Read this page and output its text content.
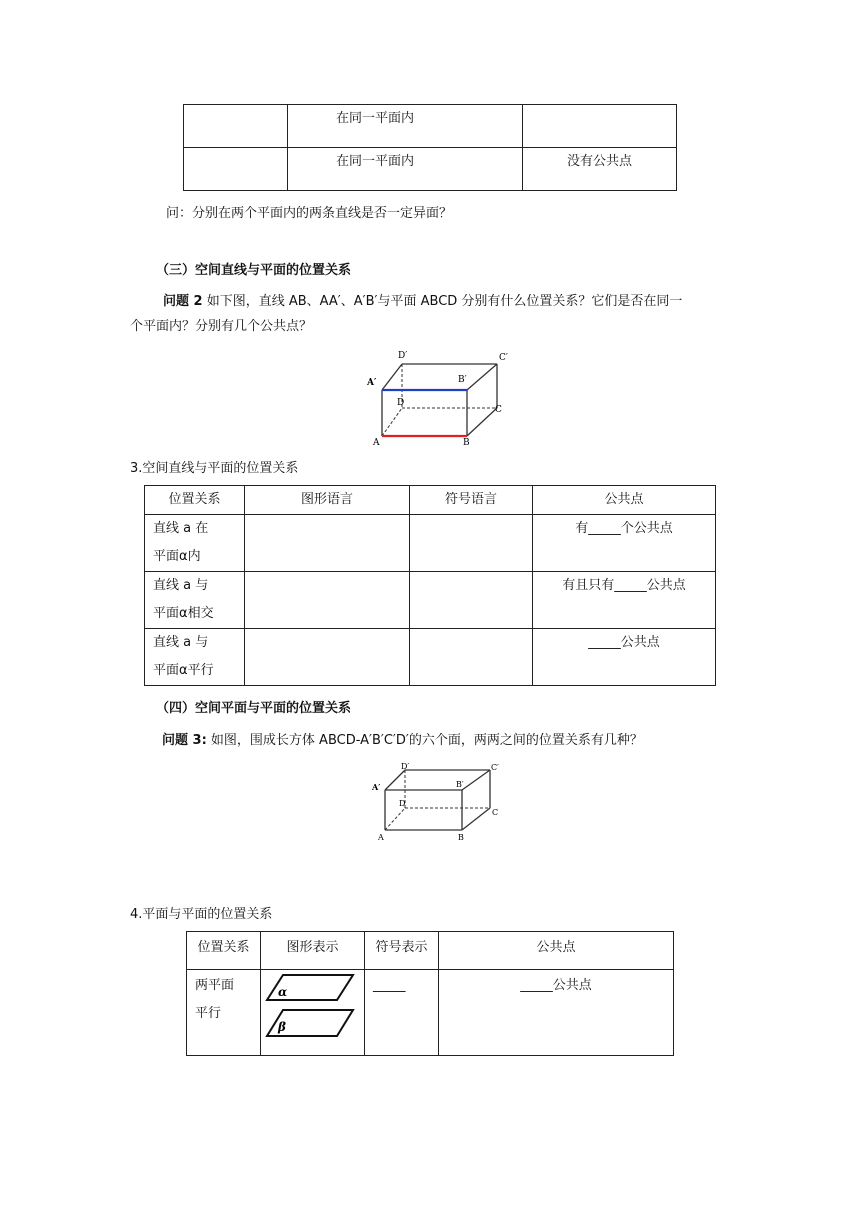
	在同一平面内	
	在同一平面内	没有公共点
问：分别在两个平面内的两条直线是否一定异面？
（三）空间直线与平面的位置关系
问题 2 如下图，直线 AB、AA′、A′B′与平面 ABCD 分别有什么位置关系？它们是否在同一
个平面内？分别有几个公共点？
D′	C′
A′	B′
D
C
A	B
3.空间直线与平面的位置关系
位置关系	图形语言	符号语言	公共点

直线 a 在
平面α内			有_____个公共点

直线 a 与
平面α相交			有且只有_____公共点

直线 a 与
平面α平行			_____公共点
（四）空间平面与平面的位置关系
问题 3: 如图，围成长方体 ABCD-A′B′C′D′的六个面，两两之间的位置关系有几种？
D′	C′
A′	B′
D
C
A	B
4.平面与平面的位置关系
位置关系	图形表示	符号表示	公共点

两平面
平行	α
β	_____	_____公共点
